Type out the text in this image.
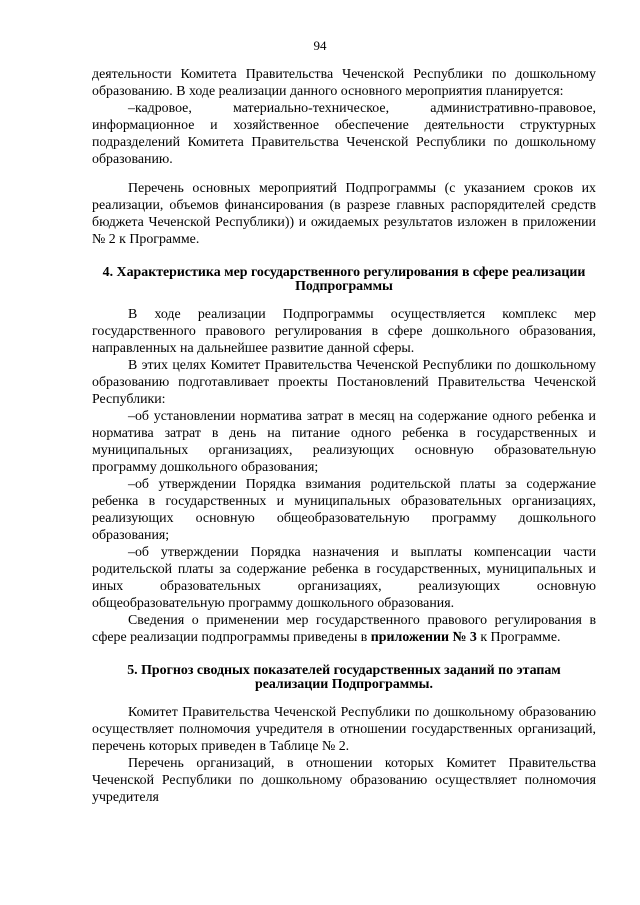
94

деятельности Комитета Правительства Чеченской Республики по дошкольному образованию. В ходе реализации данного основного мероприятия планируется:

–кадровое, материально-техническое, административно-правовое, информационное и хозяйственное обеспечение деятельности структурных подразделений Комитета Правительства Чеченской Республики по дошкольному образованию.

Перечень основных мероприятий Подпрограммы (с указанием сроков их реализации, объемов финансирования (в разрезе главных распорядителей средств бюджета Чеченской Республики)) и ожидаемых результатов изложен в приложении № 2 к Программе.

4. Характеристика мер государственного регулирования в сфере реализации Подпрограммы

В ходе реализации Подпрограммы осуществляется комплекс мер государственного правового регулирования в сфере дошкольного образования, направленных на дальнейшее развитие данной сферы.

В этих целях Комитет Правительства Чеченской Республики по дошкольному образованию подготавливает проекты Постановлений Правительства Чеченской Республики:

–об установлении норматива затрат в месяц на содержание одного ребенка и норматива затрат в день на питание одного ребенка в государственных и муниципальных организациях, реализующих основную образовательную программу дошкольного образования;

–об утверждении Порядка взимания родительской платы за содержание ребенка в государственных и муниципальных образовательных организациях, реализующих основную общеобразовательную программу дошкольного образования;

–об утверждении Порядка назначения и выплаты компенсации части родительской платы за содержание ребенка в государственных, муниципальных и иных образовательных организациях, реализующих основную общеобразовательную программу дошкольного образования.

Сведения о применении мер государственного правового регулирования в сфере реализации подпрограммы приведены в приложении № 3 к Программе.

5. Прогноз сводных показателей государственных заданий по этапам реализации Подпрограммы.

Комитет Правительства Чеченской Республики по дошкольному образованию осуществляет полномочия учредителя в отношении государственных организаций, перечень которых приведен в Таблице № 2.

Перечень организаций, в отношении которых Комитет Правительства Чеченской Республики по дошкольному образованию осуществляет полномочия учредителя
